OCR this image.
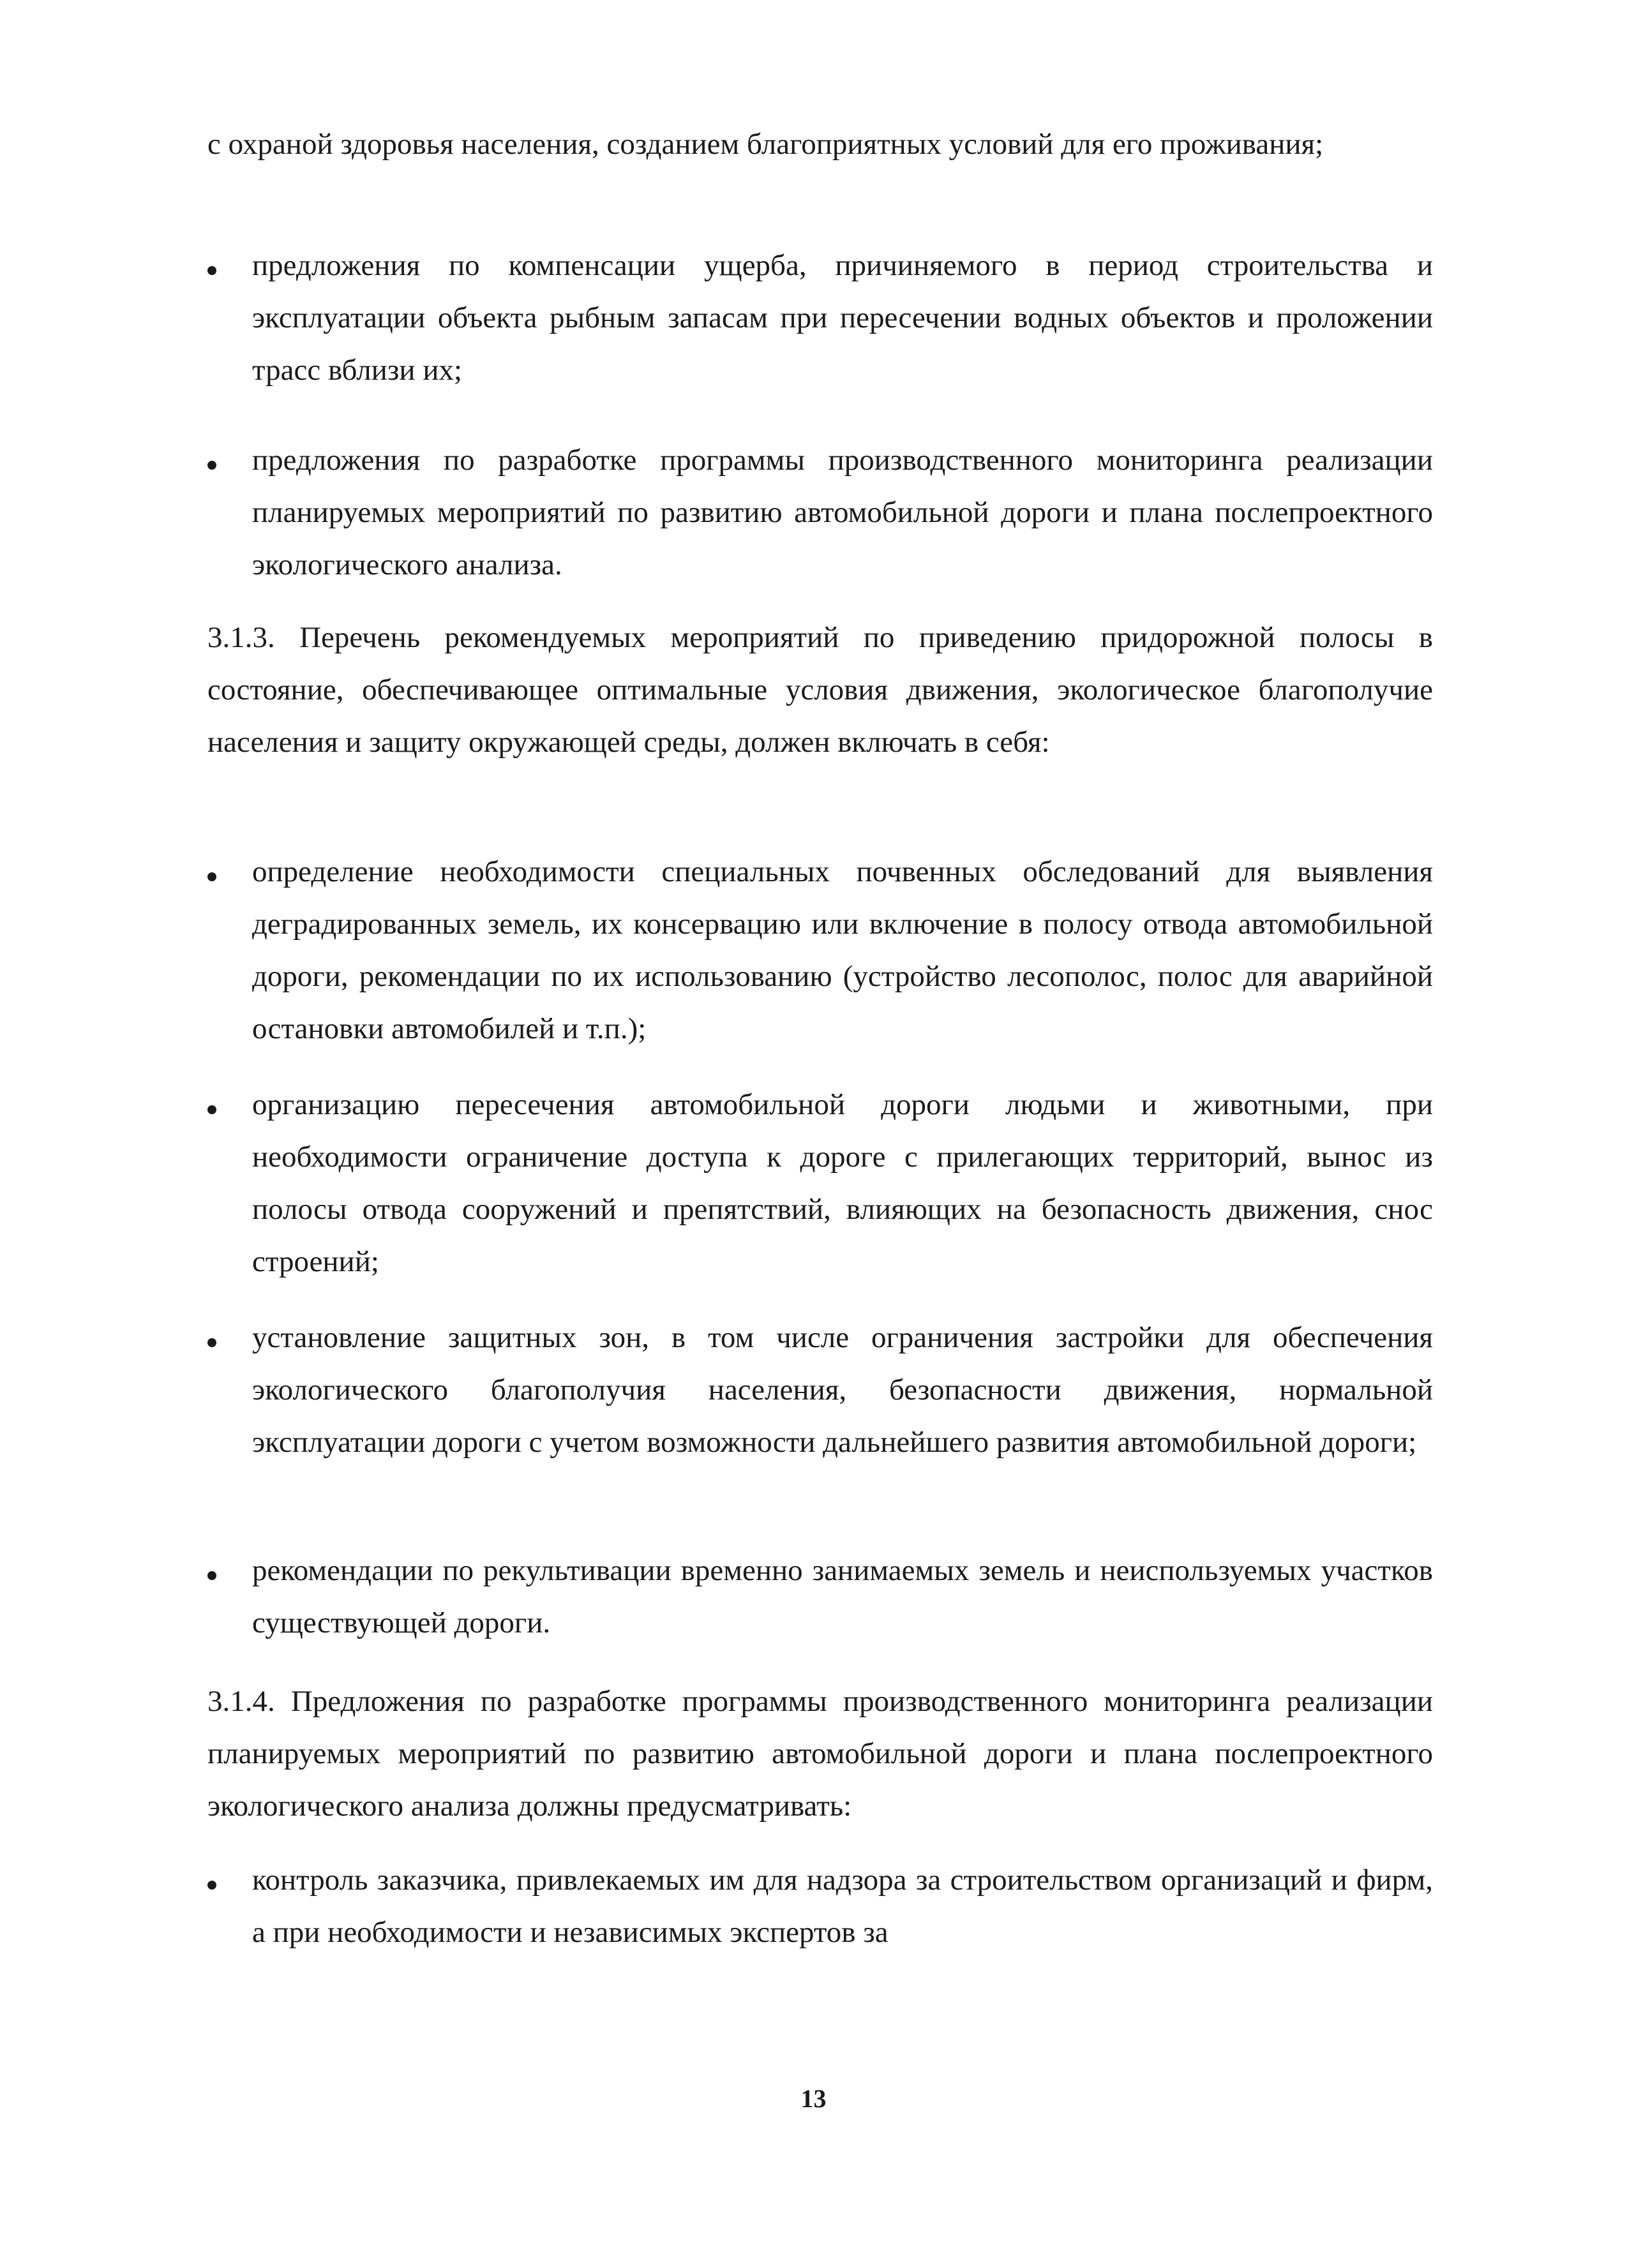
с охраной здоровья населения, созданием благоприятных условий для его проживания;

предложения по компенсации ущерба, причиняемого в период строительства и эксплуатации объекта рыбным запасам при пересечении водных объектов и проложении трасс вблизи их;
предложения по разработке программы производственного мониторинга реализации планируемых мероприятий по развитию автомобильной дороги и плана послепроектного экологического анализа.

3.1.3. Перечень рекомендуемых мероприятий по приведению придорожной полосы в состояние, обеспечивающее оптимальные условия движения, экологическое благополучие населения и защиту окружающей среды, должен включать в себя:

определение необходимости специальных почвенных обследований для выявления деградированных земель, их консервацию или включение в полосу отвода автомобильной дороги, рекомендации по их использованию (устройство лесополос, полос для аварийной остановки автомобилей и т.п.);
организацию пересечения автомобильной дороги людьми и животными, при необходимости ограничение доступа к дороге с прилегающих территорий, вынос из полосы отвода сооружений и препятствий, влияющих на безопасность движения, снос строений;
установление защитных зон, в том числе ограничения застройки для обеспечения экологического благополучия населения, безопасности движения, нормальной эксплуатации дороги с учетом возможности дальнейшего развития автомобильной дороги;
рекомендации по рекультивации временно занимаемых земель и неиспользуемых участков существующей дороги.

3.1.4. Предложения по разработке программы производственного мониторинга реализации планируемых мероприятий по развитию автомобильной дороги и плана послепроектного экологического анализа должны предусматривать:

контроль заказчика, привлекаемых им для надзора за строительством организаций и фирм, а при необходимости и независимых экспертов за
13
